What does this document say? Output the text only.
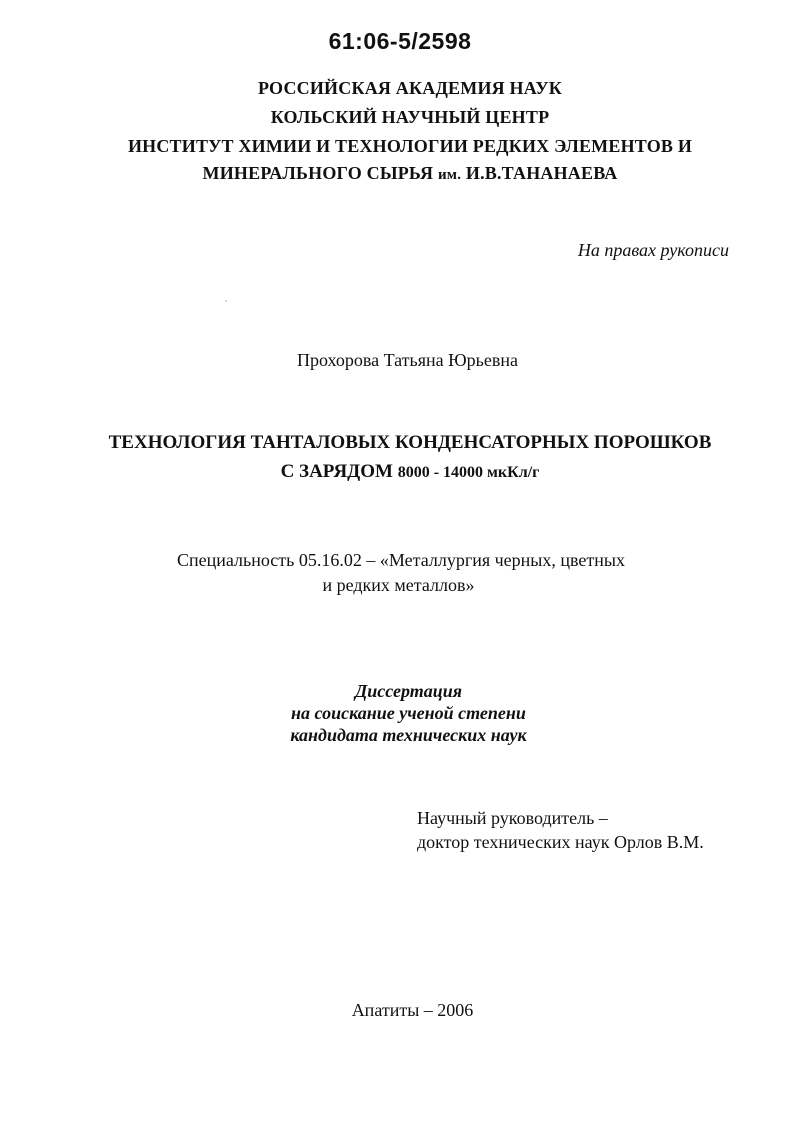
61:06-5/2598
РОССИЙСКАЯ АКАДЕМИЯ НАУК
КОЛЬСКИЙ НАУЧНЫЙ ЦЕНТР
ИНСТИТУТ ХИМИИ И ТЕХНОЛОГИИ РЕДКИХ ЭЛЕМЕНТОВ И
МИНЕРАЛЬНОГО СЫРЬЯ им. И.В.ТАНАНАЕВА
На правах рукописи
Прохорова Татьяна Юрьевна
ТЕХНОЛОГИЯ ТАНТАЛОВЫХ КОНДЕНСАТОРНЫХ ПОРОШКОВ
С ЗАРЯДОМ 8000 - 14000 мкКл/г
Специальность 05.16.02 – «Металлургия черных, цветных
и редких металлов»
Диссертация
на соискание ученой степени
кандидата технических наук
Научный руководитель –
доктор технических наук Орлов В.М.
Апатиты – 2006
